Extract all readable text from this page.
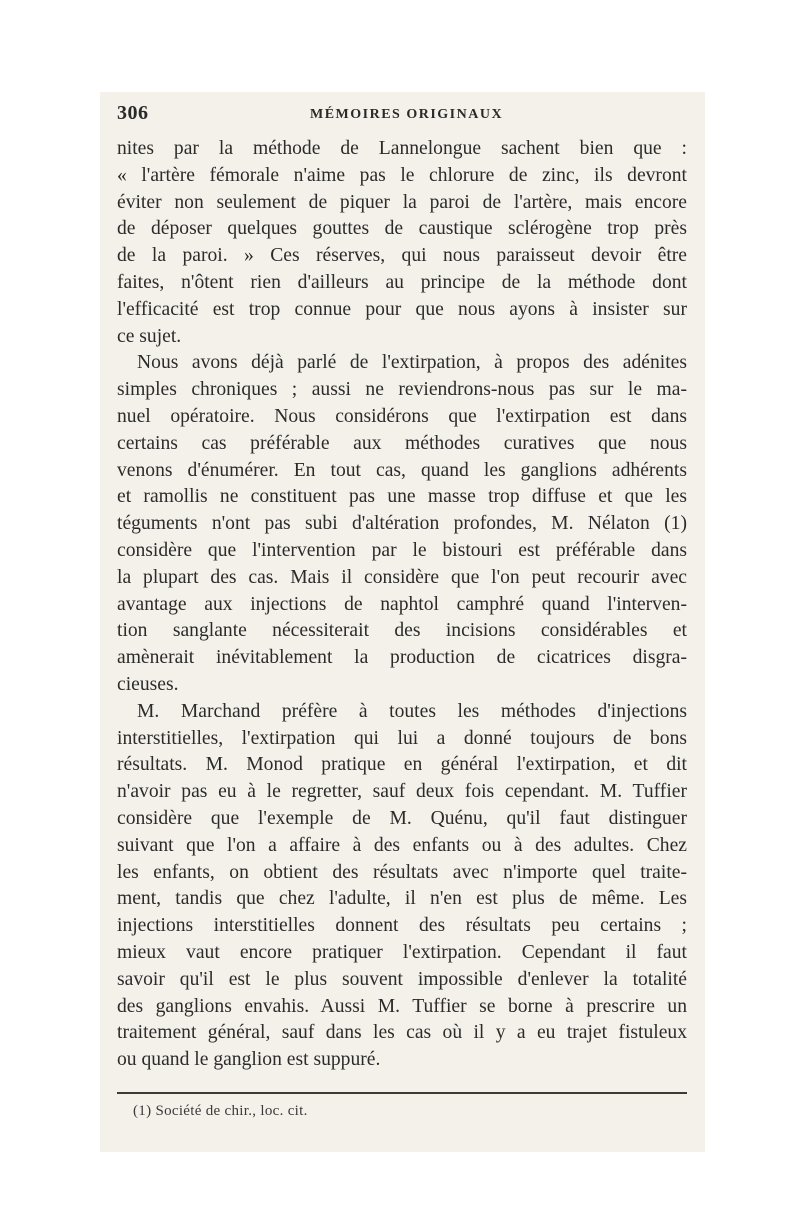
306	MÉMOIRES ORIGINAUX

nites par la méthode de Lannelongue sachent bien que :
« l'artère fémorale n'aime pas le chlorure de zinc, ils devront
éviter non seulement de piquer la paroi de l'artère, mais encore
de déposer quelques gouttes de caustique sclérogène trop près
de la paroi. » Ces réserves, qui nous paraisseut devoir être
faites, n'ôtent rien d'ailleurs au principe de la méthode dont
l'efficacité est trop connue pour que nous ayons à insister sur
ce sujet.

Nous avons déjà parlé de l'extirpation, à propos des adénites
simples chroniques ; aussi ne reviendrons-nous pas sur le ma-
nuel opératoire. Nous considérons que l'extirpation est dans
certains cas préférable aux méthodes curatives que nous
venons d'énumérer. En tout cas, quand les ganglions adhérents
et ramollis ne constituent pas une masse trop diffuse et que les
téguments n'ont pas subi d'altération profondes, M. Nélaton (1)
considère que l'intervention par le bistouri est préférable dans
la plupart des cas. Mais il considère que l'on peut recourir avec
avantage aux injections de naphtol camphré quand l'interven-
tion sanglante nécessiterait des incisions considérables et
amènerait inévitablement la production de cicatrices disgra-
cieuses.

M. Marchand préfère à toutes les méthodes d'injections
interstitielles, l'extirpation qui lui a donné toujours de bons
résultats. M. Monod pratique en général l'extirpation, et dit
n'avoir pas eu à le regretter, sauf deux fois cependant. M. Tuffier
considère que l'exemple de M. Quénu, qu'il faut distinguer
suivant que l'on a affaire à des enfants ou à des adultes. Chez
les enfants, on obtient des résultats avec n'importe quel traite-
ment, tandis que chez l'adulte, il n'en est plus de même. Les
injections interstitielles donnent des résultats peu certains ;
mieux vaut encore pratiquer l'extirpation. Cependant il faut
savoir qu'il est le plus souvent impossible d'enlever la totalité
des ganglions envahis. Aussi M. Tuffier se borne à prescrire un
traitement général, sauf dans les cas où il y a eu trajet fistuleux
ou quand le ganglion est suppuré.

(1) Société de chir., loc. cit.
